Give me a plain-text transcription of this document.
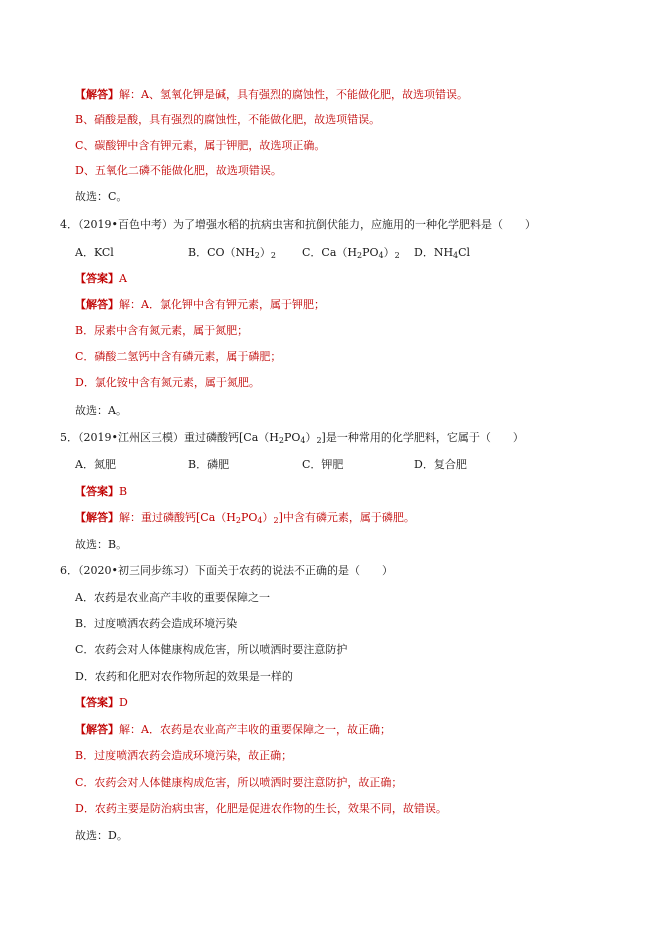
【解答】解：A、氢氧化钾是碱，具有强烈的腐蚀性，不能做化肥，故选项错误。
B、硝酸是酸，具有强烈的腐蚀性，不能做化肥，故选项错误。
C、碳酸钾中含有钾元素，属于钾肥，故选项正确。
D、五氧化二磷不能做化肥，故选项错误。
故选：C。
4．（2019•百色中考）为了增强水稻的抗病虫害和抗倒伏能力，应施用的一种化学肥料是（　　）
A．KCl	B．$CO(NH_2)_2$ C．$Ca(H_2PO_4)_2$ D．$NH_4Cl$
【答案】A
【解答】解：A．氯化钾中含有钾元素，属于钾肥；
B．尿素中含有氮元素，属于氮肥；
C．磷酸二氢钙中含有磷元素，属于磷肥；
D．氯化铵中含有氮元素，属于氮肥。
故选：A。
5．（2019•江州区三模）重过磷酸钙$[Ca(H_2PO_4)_2]$是一种常用的化学肥料，它属于（　　）
A．氮肥	B．磷肥	C．钾肥	D．复合肥
【答案】B
【解答】解：重过磷酸钙$[Ca(H_2PO_4)_2]$中含有磷元素，属于磷肥。
故选：B。
6．（2020•初三同步练习）下面关于农药的说法不正确的是（　　）
A．农药是农业高产丰收的重要保障之一
B．过度喷洒农药会造成环境污染
C．农药会对人体健康构成危害，所以喷洒时要注意防护
D．农药和化肥对农作物所起的效果是一样的
【答案】D
【解答】解：A．农药是农业高产丰收的重要保障之一，故正确；
B．过度喷洒农药会造成环境污染，故正确；
C．农药会对人体健康构成危害，所以喷洒时要注意防护，故正确；
D．农药主要是防治病虫害，化肥是促进农作物的生长，效果不同，故错误。
故选：D。
